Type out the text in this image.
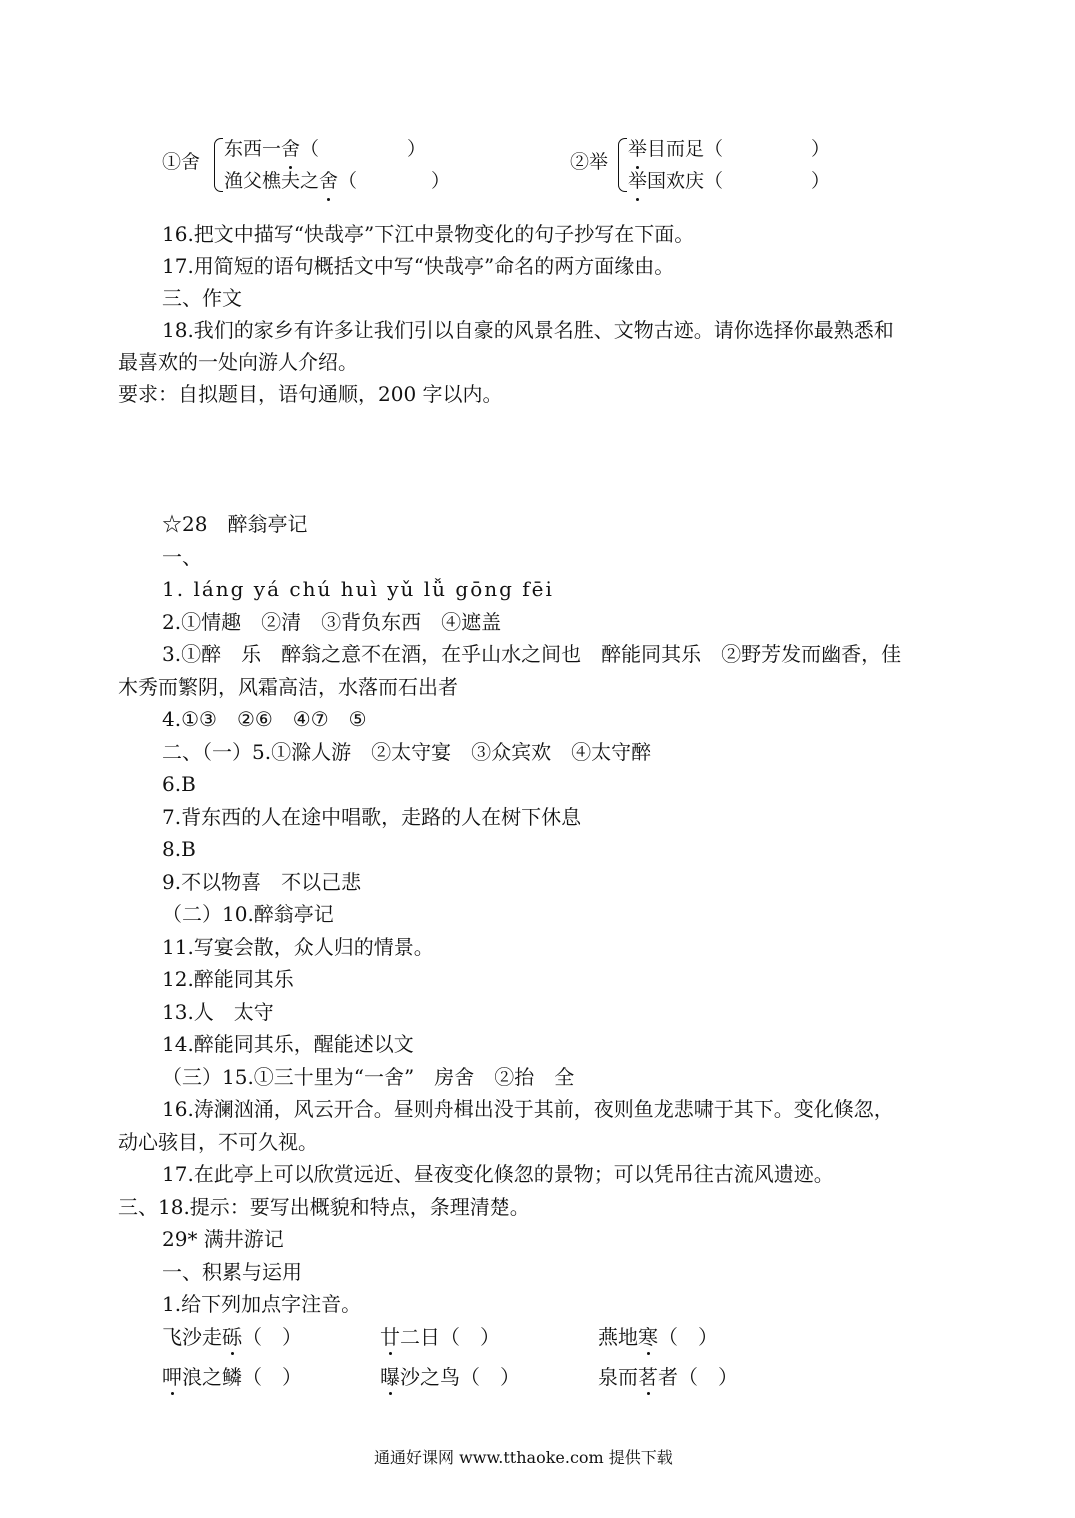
①舍
东西一舍（	）
渔父樵夫之舍（	）
②举
举目而足（	）
举国欢庆（	）
16.把文中描写“快哉亭”下江中景物变化的句子抄写在下面。
17.用简短的语句概括文中写“快哉亭”命名的两方面缘由。
三、作文
18.我们的家乡有许多让我们引以自豪的风景名胜、文物古迹。请你选择你最熟悉和
最喜欢的一处向游人介绍。
要求：自拟题目，语句通顺，200 字以内。
☆28　醉翁亭记
一、
1. láng yá chú huì yǔ lǚ gōng fēi
2.①情趣　②清　③背负东西　④遮盖
3.①醉　乐　醉翁之意不在酒，在乎山水之间也　醉能同其乐　②野芳发而幽香，佳
木秀而繁阴，风霜高洁，水落而石出者
4.①③　②⑥　④⑦　⑤
二、（一）5.①滁人游　②太守宴　③众宾欢　④太守醉
6.B
7.背东西的人在途中唱歌，走路的人在树下休息
8.B
9.不以物喜　不以己悲
（二）10.醉翁亭记
11.写宴会散，众人归的情景。
12.醉能同其乐
13.人　太守
14.醉能同其乐，醒能述以文
（三）15.①三十里为“一舍”　房舍　②抬　全
16.涛澜汹涌，风云开合。昼则舟楫出没于其前，夜则鱼龙悲啸于其下。变化倏忽，
动心骇目，不可久视。
17.在此亭上可以欣赏远近、昼夜变化倏忽的景物；可以凭吊往古流风遗迹。
三、18.提示：要写出概貌和特点，条理清楚。
29* 满井游记
一、积累与运用
1.给下列加点字注音。
飞沙走砾（　）	廿二日（　）	燕地寒（　）
呷浪之鳞（　）	曝沙之鸟（　）	泉而茗者（　）
通通好课网 www.tthaoke.com 提供下载
